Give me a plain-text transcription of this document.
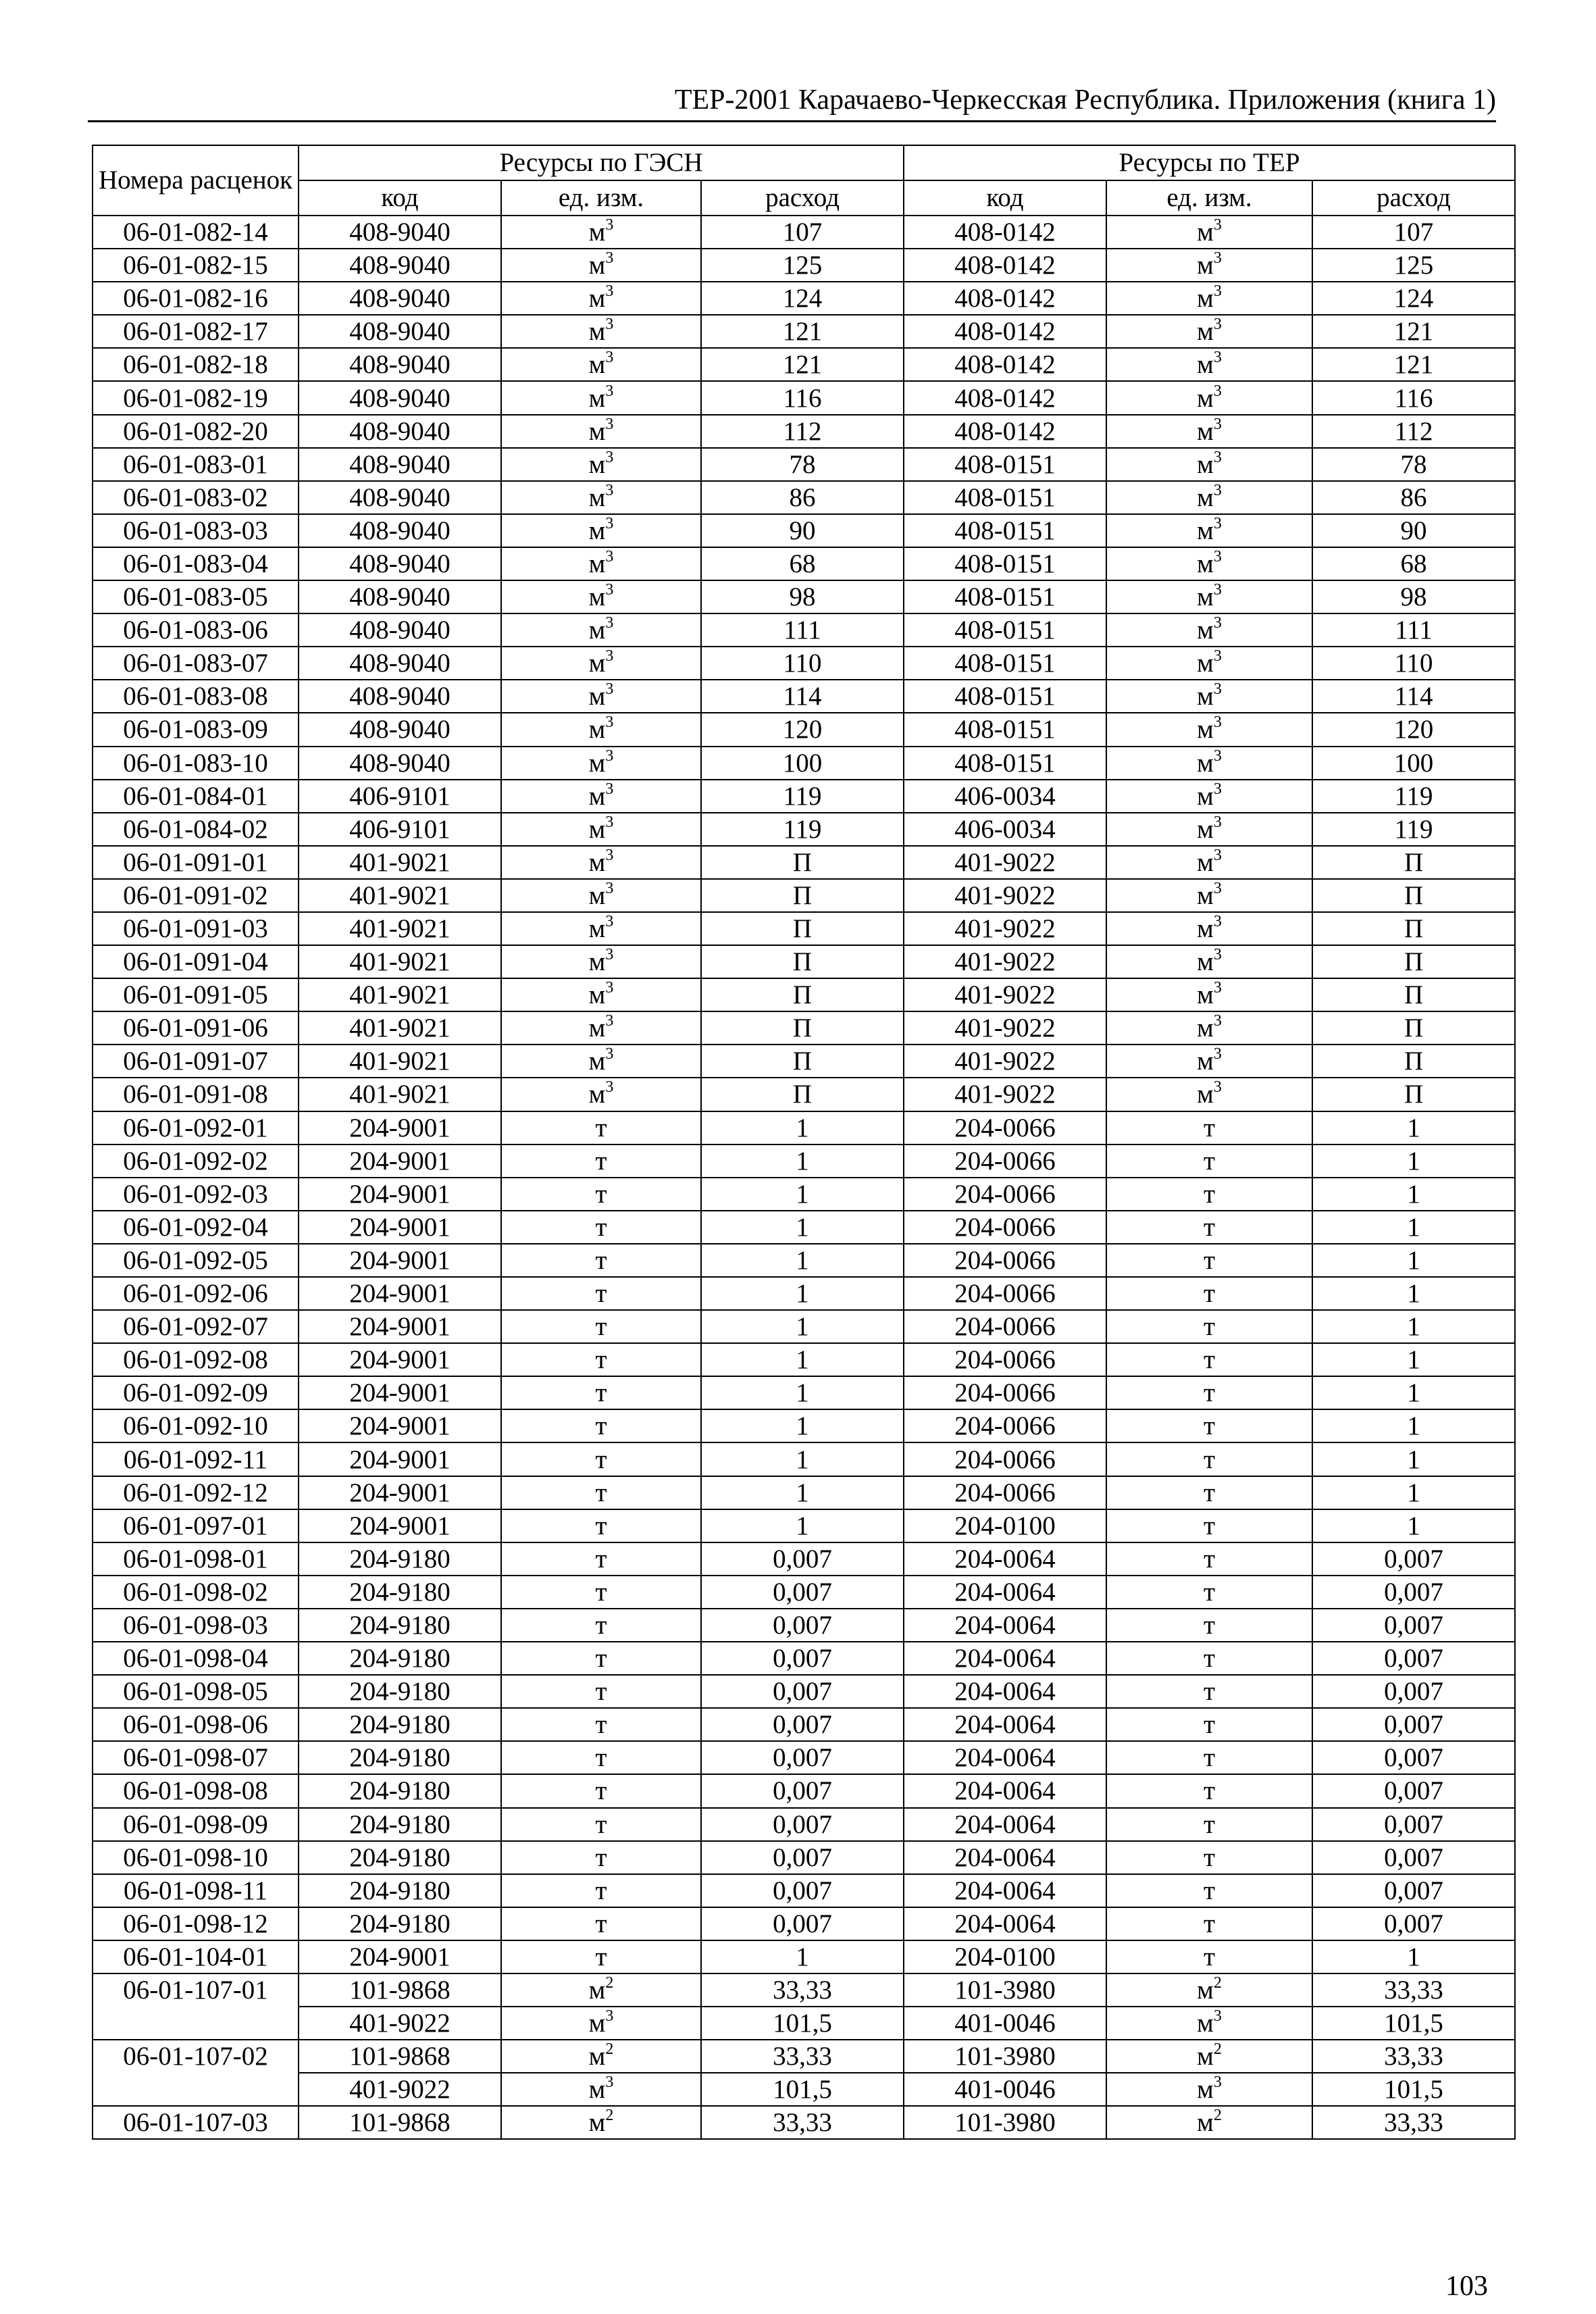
ТЕР-2001 Карачаево-Черкесская Республика. Приложения (книга 1)
Номера расценок	Ресурсы по ГЭСН			Ресурсы по ТЕР		
	код	ед. изм.	расход	код	ед. изм.	расход
06-01-082-14	408-9040	$м^3$	107	408-0142	$м^3$	107
06-01-082-15	408-9040	$м^3$	125	408-0142	$м^3$	125
06-01-082-16	408-9040	$м^3$	124	408-0142	$м^3$	124
06-01-082-17	408-9040	$м^3$	121	408-0142	$м^3$	121
06-01-082-18	408-9040	$м^3$	121	408-0142	$м^3$	121
06-01-082-19	408-9040	$м^3$	116	408-0142	$м^3$	116
06-01-082-20	408-9040	$м^3$	112	408-0142	$м^3$	112
06-01-083-01	408-9040	$м^3$	78	408-0151	$м^3$	78
06-01-083-02	408-9040	$м^3$	86	408-0151	$м^3$	86
06-01-083-03	408-9040	$м^3$	90	408-0151	$м^3$	90
06-01-083-04	408-9040	$м^3$	68	408-0151	$м^3$	68
06-01-083-05	408-9040	$м^3$	98	408-0151	$м^3$	98
06-01-083-06	408-9040	$м^3$	111	408-0151	$м^3$	111
06-01-083-07	408-9040	$м^3$	110	408-0151	$м^3$	110
06-01-083-08	408-9040	$м^3$	114	408-0151	$м^3$	114
06-01-083-09	408-9040	$м^3$	120	408-0151	$м^3$	120
06-01-083-10	408-9040	$м^3$	100	408-0151	$м^3$	100
06-01-084-01	406-9101	$м^3$	119	406-0034	$м^3$	119
06-01-084-02	406-9101	$м^3$	119	406-0034	$м^3$	119
06-01-091-01	401-9021	$м^3$	П	401-9022	$м^3$	П
06-01-091-02	401-9021	$м^3$	П	401-9022	$м^3$	П
06-01-091-03	401-9021	$м^3$	П	401-9022	$м^3$	П
06-01-091-04	401-9021	$м^3$	П	401-9022	$м^3$	П
06-01-091-05	401-9021	$м^3$	П	401-9022	$м^3$	П
06-01-091-06	401-9021	$м^3$	П	401-9022	$м^3$	П
06-01-091-07	401-9021	$м^3$	П	401-9022	$м^3$	П
06-01-091-08	401-9021	$м^3$	П	401-9022	$м^3$	П
06-01-092-01	204-9001	т	1	204-0066	т	1
06-01-092-02	204-9001	т	1	204-0066	т	1
06-01-092-03	204-9001	т	1	204-0066	т	1
06-01-092-04	204-9001	т	1	204-0066	т	1
06-01-092-05	204-9001	т	1	204-0066	т	1
06-01-092-06	204-9001	т	1	204-0066	т	1
06-01-092-07	204-9001	т	1	204-0066	т	1
06-01-092-08	204-9001	т	1	204-0066	т	1
06-01-092-09	204-9001	т	1	204-0066	т	1
06-01-092-10	204-9001	т	1	204-0066	т	1
06-01-092-11	204-9001	т	1	204-0066	т	1
06-01-092-12	204-9001	т	1	204-0066	т	1
06-01-097-01	204-9001	т	1	204-0100	т	1
06-01-098-01	204-9180	т	0,007	204-0064	т	0,007
06-01-098-02	204-9180	т	0,007	204-0064	т	0,007
06-01-098-03	204-9180	т	0,007	204-0064	т	0,007
06-01-098-04	204-9180	т	0,007	204-0064	т	0,007
06-01-098-05	204-9180	т	0,007	204-0064	т	0,007
06-01-098-06	204-9180	т	0,007	204-0064	т	0,007
06-01-098-07	204-9180	т	0,007	204-0064	т	0,007
06-01-098-08	204-9180	т	0,007	204-0064	т	0,007
06-01-098-09	204-9180	т	0,007	204-0064	т	0,007
06-01-098-10	204-9180	т	0,007	204-0064	т	0,007
06-01-098-11	204-9180	т	0,007	204-0064	т	0,007
06-01-098-12	204-9180	т	0,007	204-0064	т	0,007
06-01-104-01	204-9001	т	1	204-0100	т	1
06-01-107-01	101-9868	$м^2$	33,33	101-3980	$м^2$	33,33
	401-9022	$м^3$	101,5	401-0046	$м^3$	101,5
06-01-107-02	101-9868	$м^2$	33,33	101-3980	$м^2$	33,33
	401-9022	$м^3$	101,5	401-0046	$м^3$	101,5
06-01-107-03	101-9868	$м^2$	33,33	101-3980	$м^2$	33,33
103
